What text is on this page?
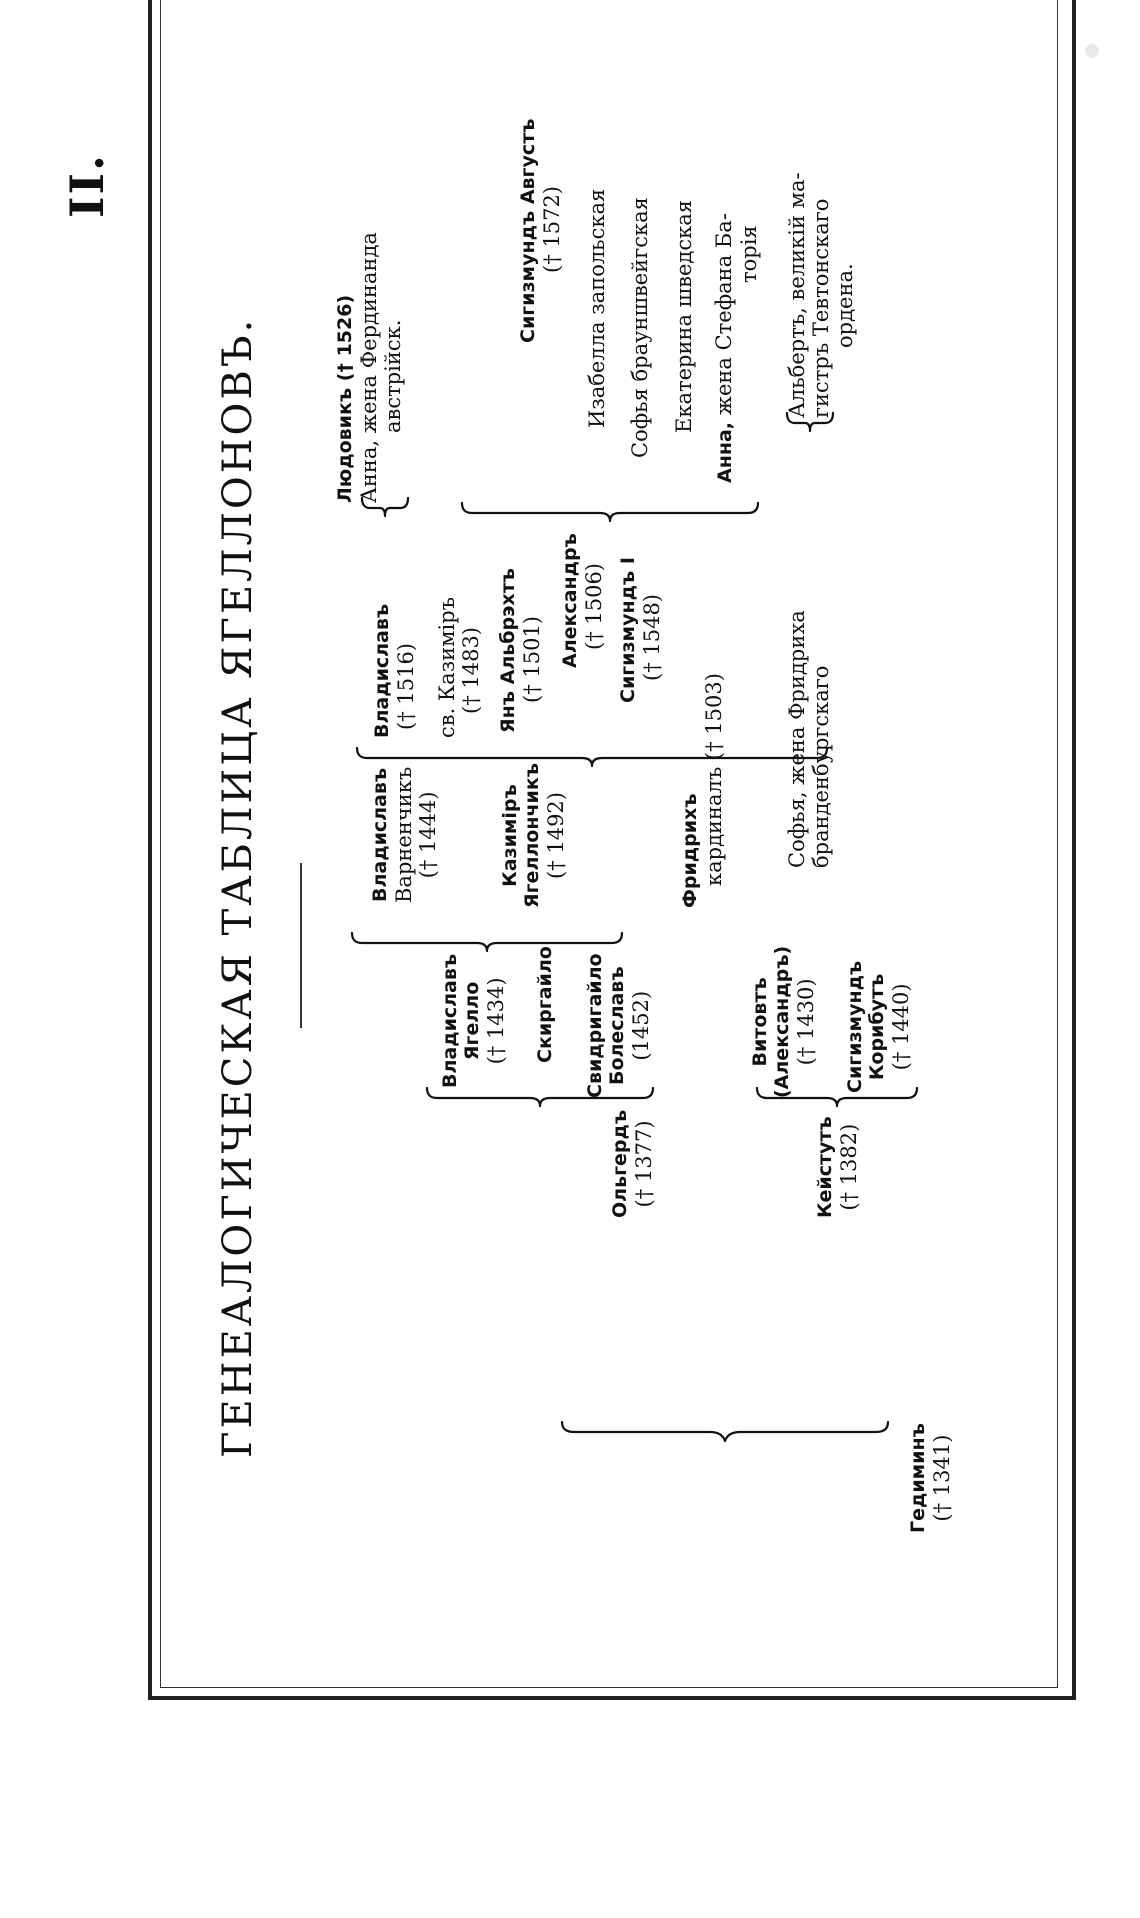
II.
ГЕНЕАЛОГИЧЕСКАЯ ТАБЛИЦА ЯГЕЛЛОНОВЪ.
Гедиминъ († 1341)
Ольгердъ († 1377)	Кейстутъ († 1382)
Владиславъ Ягелло († 1434) Скиргайло Свидригайло Болеславъ (1452)	Витовтъ (Александръ) († 1430) Сигизмундъ Корибутъ († 1440)
Владиславъ Варненчикъ († 1444)	Казимiръ Ягеллончикъ († 1492)
Владиславъ († 1516) св. Казимiръ († 1483) Янъ Альбрэхтъ († 1501) Александръ († 1506) Сигизмундъ I († 1548)
Фридрихъ кардиналъ († 1503)	Софья, жена Фридриха бранденбургскаго
Людовикъ († 1526) Анна, жена Фердинанда австрiйск.
Сигизмундъ Августъ († 1572) Изабелла запольская Софья брауншвейгская Екатерина шведская
Анна, жена Стефана Ба- торiя Альбертъ, великiй ма- гистръ Тевтонскаго ордена.
